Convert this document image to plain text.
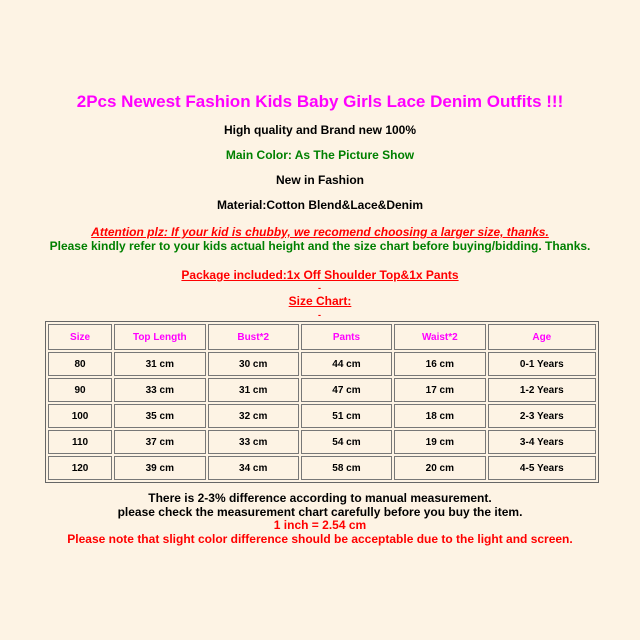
2Pcs Newest Fashion Kids Baby Girls Lace Denim Outfits !!!
High quality and Brand new 100%
Main Color: As The Picture Show
New in Fashion
Material:Cotton Blend&Lace&Denim
Attention plz: If your kid is chubby, we recomend choosing a larger size, thanks.
Please kindly refer to your kids actual height and the size chart before buying/bidding. Thanks.
Package included:1x Off Shoulder Top&1x Pants
-
Size Chart:
-
Size	Top Length	Bust*2	Pants	Waist*2	Age
80	31 cm	30 cm	44 cm	16 cm	0-1 Years
90	33 cm	31 cm	47 cm	17 cm	1-2 Years
100	35 cm	32 cm	51 cm	18 cm	2-3 Years
110	37 cm	33 cm	54 cm	19 cm	3-4 Years
120	39 cm	34 cm	58 cm	20 cm	4-5 Years
There is 2-3% difference according to manual measurement.
please check the measurement chart carefully before you buy the item.
1 inch = 2.54 cm
Please note that slight color difference should be acceptable due to the light and screen.
